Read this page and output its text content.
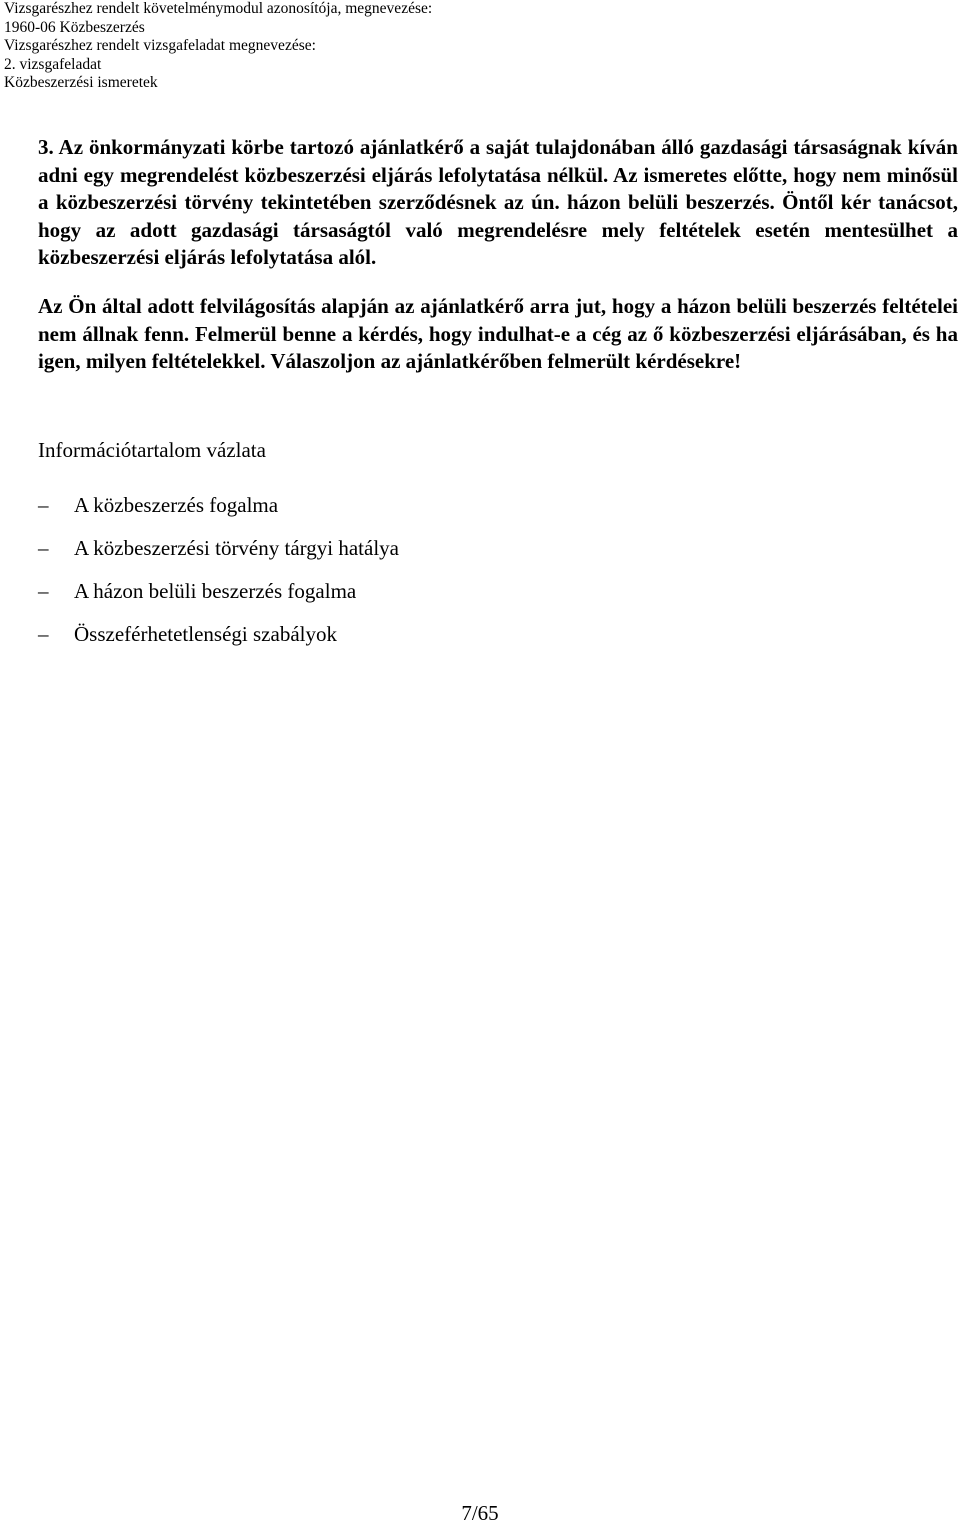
Vizsgarészhez rendelt követelménymodul azonosítója, megnevezése:
1960-06 Közbeszerzés
Vizsgarészhez rendelt vizsgafeladat megnevezése:
2. vizsgafeladat
Közbeszerzési ismeretek

3. Az önkormányzati körbe tartozó ajánlatkérő a saját tulajdonában álló gazdasági társaságnak kíván adni egy megrendelést közbeszerzési eljárás lefolytatása nélkül. Az ismeretes előtte, hogy nem minősül a közbeszerzési törvény tekintetében szerződésnek az ún. házon belüli beszerzés. Öntől kér tanácsot, hogy az adott gazdasági társaságtól való megrendelésre mely feltételek esetén mentesülhet a közbeszerzési eljárás lefolytatása alól.

Az Ön által adott felvilágosítás alapján az ajánlatkérő arra jut, hogy a házon belüli beszerzés feltételei nem állnak fenn. Felmerül benne a kérdés, hogy indulhat-e a cég az ő közbeszerzési eljárásában, és ha igen, milyen feltételekkel. Válaszoljon az ajánlatkérőben felmerült kérdésekre!

Információtartalom vázlata
–	A közbeszerzés fogalma
–	A közbeszerzési törvény tárgyi hatálya
–	A házon belüli beszerzés fogalma
–	Összeférhetetlenségi szabályok
7/65
